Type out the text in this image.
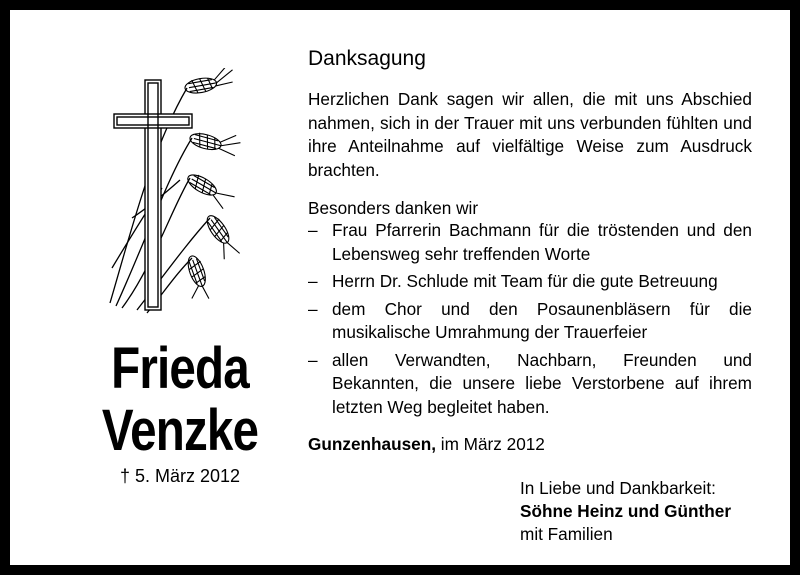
Frieda
Venzke
† 5. März 2012
Danksagung
Herzlichen Dank sagen wir allen, die mit uns Abschied nahmen, sich in der Trauer mit uns verbunden fühlten und ihre Anteilnahme auf vielfältige Weise zum Ausdruck brachten.
Besonders danken wir
– Frau Pfarrerin Bachmann für die tröstenden und den Lebensweg sehr treffenden Worte
– Herrn Dr. Schlude mit Team für die gute Betreuung
– dem Chor und den Posaunenbläsern für die musikalische Umrahmung der Trauerfeier
– allen Verwandten, Nachbarn, Freunden und Bekannten, die unsere liebe Verstorbene auf ihrem letzten Weg begleitet haben.
Gunzenhausen, im März 2012
In Liebe und Dankbarkeit:
Söhne Heinz und Günther
mit Familien
